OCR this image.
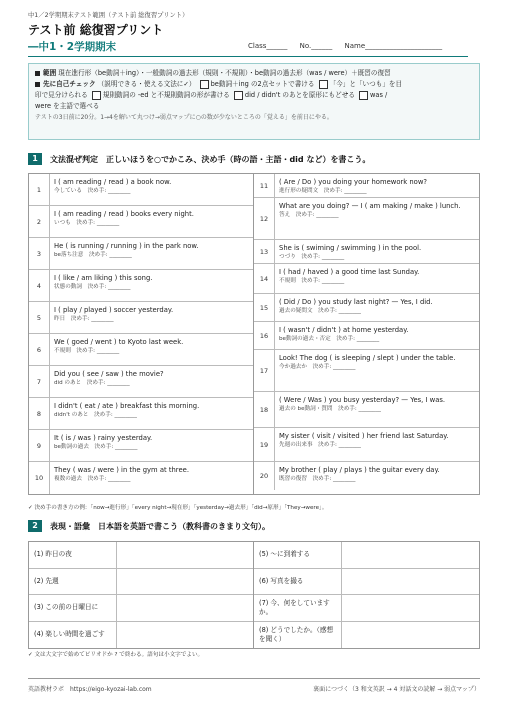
中1／2学期期末テスト範囲（テスト前 総復習プリント）
テスト前 総復習プリント
―中1・2学期期末	Class______ No.______ Name______________________
範囲 現在進行形（be動詞＋ing）・一般動詞の過去形（規則・不規則）・be動詞の過去形（was / were）＋既習の復習
先に自己チェック （説明できる・使える文法に✓） be動詞＋ing の2点セットで書ける 「今」と「いつも」を目
印で見分けられる 規則動詞の -ed と不規則動詞の形が書ける did / didn't のあとを原形にもどせる was /
were を主語で選べる
テストの3日前に20分。1→4を解いて丸つけ→弱点マップに○の数が少ないところの「覚える」を前日にやる。
1	文法混ぜ判定　正しいほうを○でかこみ、決め手（時の語・主語・did など）を書こう。
1
I ( am reading / read ) a book now.
今している　決め手: ________
2
I ( am reading / read ) books every night.
いつも　決め手: ________
3
He ( is running / running ) in the park now.
be落ち注意　決め手: ________
4
I ( like / am liking ) this song.
状態の動詞　決め手: ________
5
I ( play / played ) soccer yesterday.
昨日　決め手: ________
6
We ( goed / went ) to Kyoto last week.
不規則　決め手: ________
7
Did you ( see / saw ) the movie?
did のあと　決め手: ________
8
I didn't ( eat / ate ) breakfast this morning.
didn't のあと　決め手: ________
9
It ( is / was ) rainy yesterday.
be動詞の過去　決め手: ________
10
They ( was / were ) in the gym at three.
複数の過去　決め手: ________
11	( Are / Do ) you doing your homework now?
進行形の疑問文　決め手: ________
12
What are you doing? — I ( am making / make ) lunch.
答え　決め手: ________
13	She is ( swiming / swimming ) in the pool.
つづり　決め手: ________
14
I ( had / haved ) a good time last Sunday.
不規則　決め手: ________
15
( Did / Do ) you study last night? — Yes, I did.
過去の疑問文　決め手: ________
16
I ( wasn't / didn't ) at home yesterday.
be動詞の過去・否定　決め手: ________
17
Look! The dog ( is sleeping / slept ) under the table.
今か過去か　決め手: ________
18
( Were / Was ) you busy yesterday? — Yes, I was.
過去の be動詞・質問　決め手: ________
19
My sister ( visit / visited ) her friend last Saturday.
先週の出来事　決め手: ________
20
My brother ( play / plays ) the guitar every day.
既習の復習　決め手: ________
✓ 決め手の書き方の例：「now→進行形」「every night→現在形」「yesterday→過去形」「did→原形」「They→were」。
2	表現・語彙　日本語を英語で書こう（教科書のきまり文句）。
(1) 昨日の夜
(2) 先週
(3) この前の日曜日に
(4) 楽しい時間を過ごす
(5) ～に到着する
(6) 写真を撮る
(7) 今、何をしていますか。
(8) どうでしたか。（感想を聞く）
✓ 文は大文字で始めてピリオドか ? で終わる。語句は小文字でよい。
英語教材ラボ　https://eigo-kyozai-lab.com	裏面につづく（3 和文英訳 → 4 対話文の読解 → 弱点マップ）
